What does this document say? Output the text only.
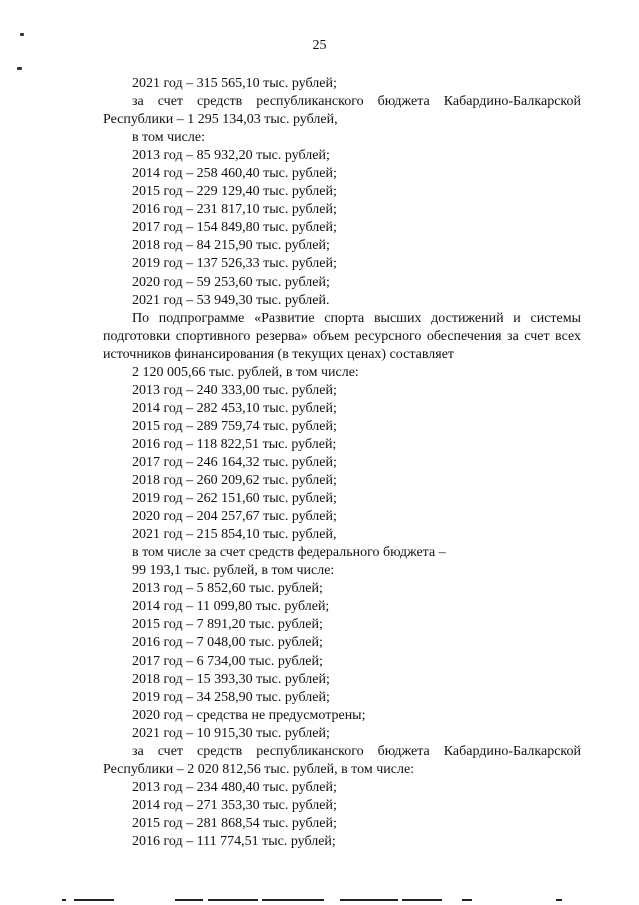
25

2021 год – 315 565,10 тыс. рублей;

за счет средств республиканского бюджета Кабардино-Балкарской Республики – 1 295 134,03 тыс. рублей,

в том числе:

2013 год – 85 932,20 тыс. рублей;

2014 год – 258 460,40 тыс. рублей;

2015 год – 229 129,40 тыс. рублей;

2016 год – 231 817,10 тыс. рублей;

2017 год – 154 849,80 тыс. рублей;

2018 год – 84 215,90 тыс. рублей;

2019 год – 137 526,33 тыс. рублей;

2020 год – 59 253,60 тыс. рублей;

2021 год – 53 949,30 тыс. рублей.

По подпрограмме «Развитие спорта высших достижений и системы подготовки спортивного резерва» объем ресурсного обеспечения за счет всех источников финансирования (в текущих ценах) составляет

2 120 005,66 тыс. рублей, в том числе:

2013 год – 240 333,00 тыс. рублей;

2014 год – 282 453,10 тыс. рублей;

2015 год – 289 759,74 тыс. рублей;

2016 год – 118 822,51 тыс. рублей;

2017 год – 246 164,32 тыс. рублей;

2018 год – 260 209,62 тыс. рублей;

2019 год – 262 151,60 тыс. рублей;

2020 год – 204 257,67 тыс. рублей;

2021 год – 215 854,10 тыс. рублей,

в том числе за счет средств федерального бюджета –

99 193,1 тыс. рублей, в том числе:

2013 год – 5 852,60 тыс. рублей;

2014 год – 11 099,80 тыс. рублей;

2015 год – 7 891,20 тыс. рублей;

2016 год – 7 048,00 тыс. рублей;

2017 год – 6 734,00 тыс. рублей;

2018 год – 15 393,30 тыс. рублей;

2019 год – 34 258,90 тыс. рублей;

2020 год – средства не предусмотрены;

2021 год – 10 915,30 тыс. рублей;

за счет средств республиканского бюджета Кабардино-Балкарской Республики – 2 020 812,56 тыс. рублей, в том числе:

2013 год – 234 480,40 тыс. рублей;

2014 год – 271 353,30 тыс. рублей;

2015 год – 281 868,54 тыс. рублей;

2016 год – 111 774,51 тыс. рублей;
